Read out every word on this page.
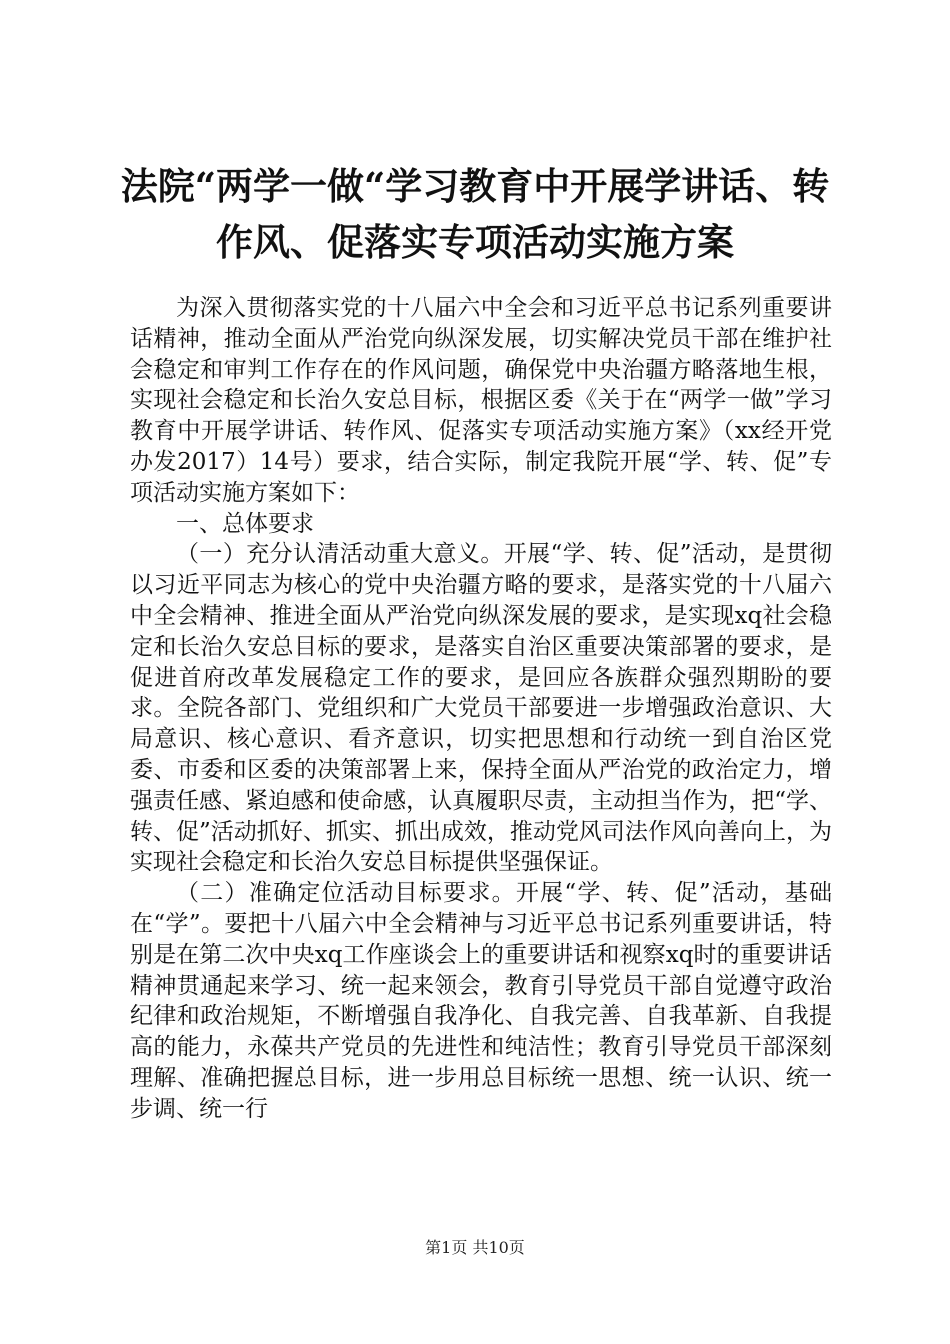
法院“两学一做“学习教育中开展学讲话、转作风、促落实专项活动实施方案

为深入贯彻落实党的十八届六中全会和习近平总书记系列重要讲话精神，推动全面从严治党向纵深发展，切实解决党员干部在维护社会稳定和审判工作存在的作风问题，确保党中央治疆方略落地生根，实现社会稳定和长治久安总目标，根据区委《关于在“两学一做”学习教育中开展学讲话、转作风、促落实专项活动实施方案》（xx经开党办发2017）14号）要求，结合实际，制定我院开展“学、转、促”专项活动实施方案如下：

一、总体要求

（一）充分认清活动重大意义。开展“学、转、促”活动，是贯彻以习近平同志为核心的党中央治疆方略的要求，是落实党的十八届六中全会精神、推进全面从严治党向纵深发展的要求，是实现xq社会稳定和长治久安总目标的要求，是落实自治区重要决策部署的要求，是促进首府改革发展稳定工作的要求，是回应各族群众强烈期盼的要求。全院各部门、党组织和广大党员干部要进一步增强政治意识、大局意识、核心意识、看齐意识，切实把思想和行动统一到自治区党委、市委和区委的决策部署上来，保持全面从严治党的政治定力，增强责任感、紧迫感和使命感，认真履职尽责，主动担当作为，把“学、转、促”活动抓好、抓实、抓出成效，推动党风司法作风向善向上，为实现社会稳定和长治久安总目标提供坚强保证。

（二）准确定位活动目标要求。开展“学、转、促”活动，基础在“学”。要把十八届六中全会精神与习近平总书记系列重要讲话，特别是在第二次中央xq工作座谈会上的重要讲话和视察xq时的重要讲话精神贯通起来学习、统一起来领会，教育引导党员干部自觉遵守政治纪律和政治规矩，不断增强自我净化、自我完善、自我革新、自我提高的能力，永葆共产党员的先进性和纯洁性；教育引导党员干部深刻理解、准确把握总目标，进一步用总目标统一思想、统一认识、统一步调、统一行

第1页 共10页
